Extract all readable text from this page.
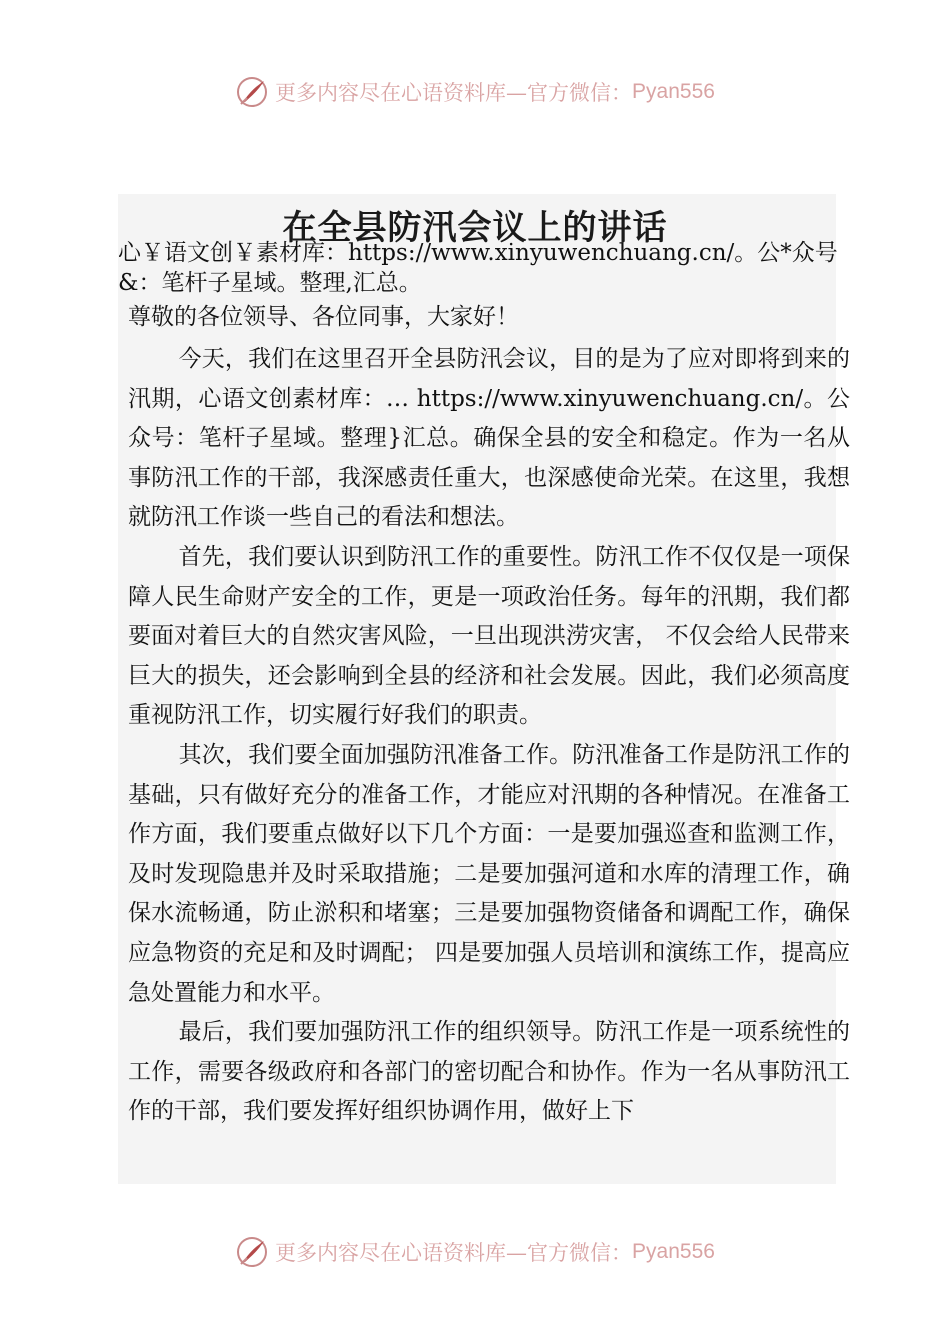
更多内容尽在心语资料库—官方微信： Pyan556
在全县防汛会议上的讲话
心￥语文创￥素材库：https://www.xinyuwenchuang.cn/。公*众号&：笔杆子星域。整理,汇总。
尊敬的各位领导、各位同事，大家好！

今天，我们在这里召开全县防汛会议，目的是为了应对即将到来的汛期，心语文创素材库：… https://www.xinyuwenchuang.cn/。公众号：笔杆子星域。整理}汇总。确保全县的安全和稳定。作为一名从事防汛工作的干部，我深感责任重大，也深感使命光荣。在这里，我想就防汛工作谈一些自己的看法和想法。

首先，我们要认识到防汛工作的重要性。防汛工作不仅仅是一项保障人民生命财产安全的工作，更是一项政治任务。每年的汛期，我们都要面对着巨大的自然灾害风险，一旦出现洪涝灾害， 不仅会给人民带来巨大的损失，还会影响到全县的经济和社会发展。因此，我们必须高度重视防汛工作，切实履行好我们的职责。

其次，我们要全面加强防汛准备工作。防汛准备工作是防汛工作的基础，只有做好充分的准备工作，才能应对汛期的各种情况。在准备工作方面，我们要重点做好以下几个方面：一是要加强巡查和监测工作，及时发现隐患并及时采取措施；二是要加强河道和水库的清理工作，确保水流畅通，防止淤积和堵塞；三是要加强物资储备和调配工作，确保应急物资的充足和及时调配； 四是要加强人员培训和演练工作，提高应急处置能力和水平。

最后，我们要加强防汛工作的组织领导。防汛工作是一项系统性的工作，需要各级政府和各部门的密切配合和协作。作为一名从事防汛工作的干部，我们要发挥好组织协调作用，做好上下

更多内容尽在心语资料库—官方微信： Pyan556
